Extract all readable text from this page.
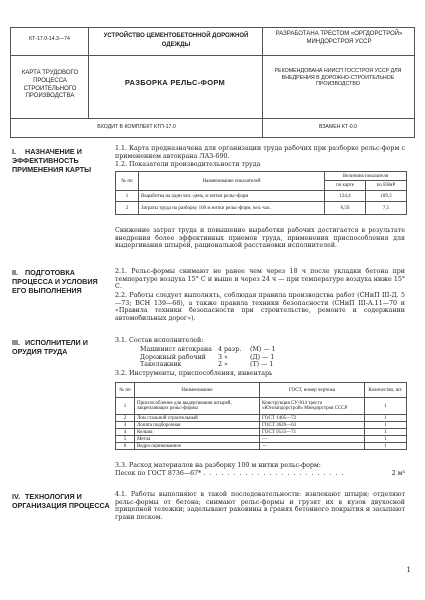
КТ-17.0-14.3—74	УСТРОЙСТВО ЦЕМЕНТОБЕТОННОЙ ДОРОЖНОЙ ОДЕЖДЫ
РАЗРАБОТАНА ТРЕСТОМ «ОРГДОРСТРОЙ» МИНДОРСТРОЯ УССР
КАРТА ТРУДОВОГО ПРОЦЕССА СТРОИТЕЛЬНОГО ПРОИЗВОДСТВА
РАЗБОРКА РЕЛЬС-ФОРМ
РЕКОМЕНДОВАНА НИИСП ГОССТРОЯ УССР ДЛЯ ВНЕДРЕНИЯ В ДОРОЖНО-СТРОИТЕЛЬНОЕ ПРОИЗВОДСТВО
ВХОДИТ В КОМПЛЕКТ КТП-17.0	ВЗАМЕН КТ-0.0
I. НАЗНАЧЕНИЕ И ЭФФЕКТИВНОСТЬ ПРИМЕНЕНИЯ КАРТЫ
1.1. Карта предназначена для организации труда рабочих при разборке рельс-форм с применением автокрана ЛАЗ-690.
1.2. Показатели производительности труда
№ пп	Наименование показателей	Величина показателя	
		по карте	по ЕНиР
1	Выработка на один чел.-день, м нитки рельс-форм	124,4	109,3
2	Затраты труда на разборку 100 м нитки рельс-форм, чел.-час.	6,59	7,5
Снижение затрат труда и повышение выработки рабочих достигается в результате внедрения более эффективных приемов труда, применения приспособления для выдергивания штырей, рациональной расстановки исполнителей.
II. ПОДГОТОВКА ПРОЦЕССА И УСЛОВИЯ ЕГО ВЫПОЛНЕНИЯ
2.1. Рельс-формы снимают не ранее чем через 18 ч после укладки бетона при температуре воздуха 15° С и выше и через 24 ч — при температуре воздуха ниже 15° С.
2.2. Работы следует выполнять, соблюдая правила производства работ (СНиП III-Д. 5—73; ВСН 139—68), а также правила техники безопасности (СНиП III-А.11—70 и «Правила техники безопасности при строительстве, ремонте и содержании автомобильных дорог»).
III. ИСПОЛНИТЕЛИ И ОРУДИЯ ТРУДА
3.1. Состав исполнителей:
Машинист автокрана 4 разр. (М) — 1
Дорожный рабочий 3 »	(Д) — 1
Такелажник	2 »	(Т) — 1
3.2. Инструменты, приспособления, инвентарь
№ пп	Наименование	ГОСТ, номер чертежа	Количество, шт.
1	Приспособление для выдергивания штырей, закрепляющих рельс-формы	Конструкция СУ-814 треста «Югозапдорстрой» Миндорстроя СССР	1
2	Лом стальной строительный	ГОСТ 1405—72	1
3	Лопата подборочная	ГОСТ 3620—63	1
4	Кельма	ГОСТ 9533—71	1
5	Метла	—	1
6	Ведро оцинкованное	—	1
3.3. Расход материалов на разборку 100 м нитки рельс-форм:
Песок по ГОСТ 8736—67* . . . . . . . . . . . . . . . . . . . . . . . .	2 м³
IV. ТЕХНОЛОГИЯ И ОРГАНИЗАЦИЯ ПРОЦЕССА
4.1. Работы выполняют в такой последовательности: извлекают штыри; отделяют рельс-формы от бетона; снимают рельс-формы и грузят их в кузов двухосной прицепной тележки; заделывают раковины в гранях бетонного покрытия и засыпают грани песком.
1
